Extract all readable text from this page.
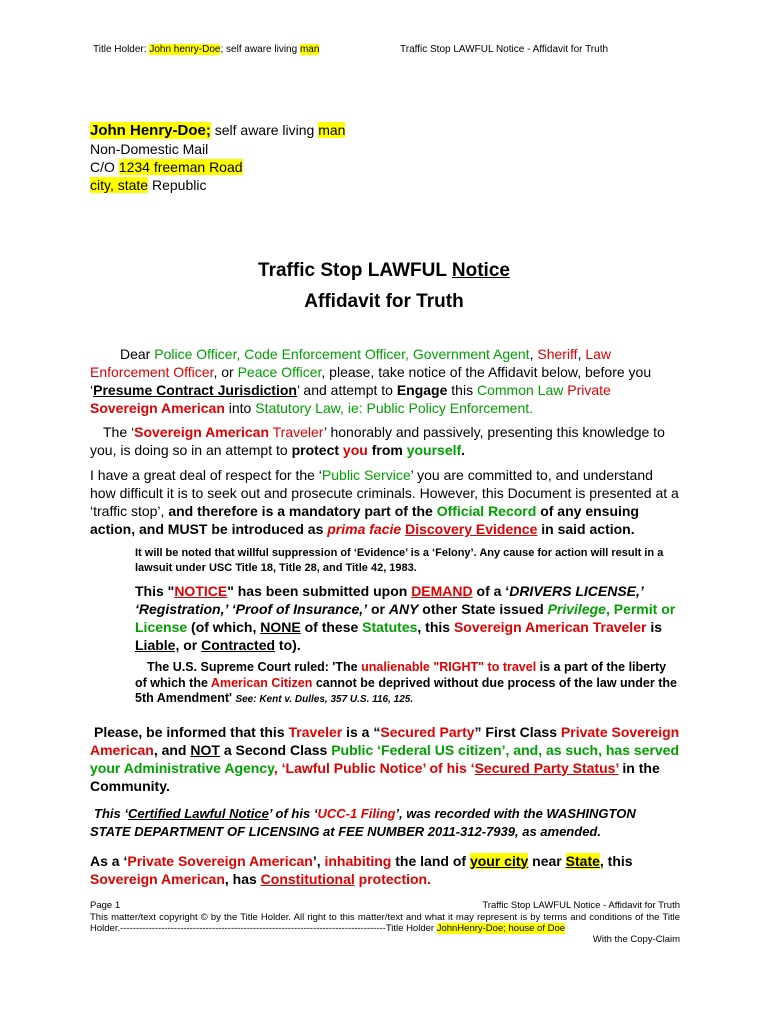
Title Holder: John henry-Doe; self aware living man	Traffic Stop LAWFUL Notice - Affidavit for Truth
John Henry-Doe; self aware living man
Non-Domestic Mail
C/O 1234 freeman Road
city, state Republic
Traffic Stop LAWFUL Notice
Affidavit for Truth

Dear Police Officer, Code Enforcement Officer, Government Agent, Sheriff, Law Enforcement Officer, or Peace Officer, please, take notice of the Affidavit below, before you ‘Presume Contract Jurisdiction’ and attempt to Engage this Common Law Private Sovereign American into Statutory Law, ie: Public Policy Enforcement.

The ‘Sovereign American Traveler’ honorably and passively, presenting this knowledge to you, is doing so in an attempt to protect you from yourself.

I have a great deal of respect for the ‘Public Service’ you are committed to, and understand how difficult it is to seek out and prosecute criminals. However, this Document is presented at a ‘traffic stop’, and therefore is a mandatory part of the Official Record of any ensuing action, and MUST be introduced as prima facie Discovery Evidence in said action.

It will be noted that willful suppression of ‘Evidence’ is a ‘Felony’. Any cause for action will result in a lawsuit under USC Title 18, Title 28, and Title 42, 1983.

This "NOTICE" has been submitted upon DEMAND of a ‘DRIVERS LICENSE,’ ‘Registration,’ ‘Proof of Insurance,’ or ANY other State issued Privilege, Permit or License (of which, NONE of these Statutes, this Sovereign American Traveler is Liable, or Contracted to).

The U.S. Supreme Court ruled: 'The unalienable "RIGHT" to travel is a part of the liberty of which the American Citizen cannot be deprived without due process of the law under the 5th Amendment' See: Kent v. Dulles, 357 U.S. 116, 125.

Please, be informed that this Traveler is a “Secured Party” First Class Private Sovereign American, and NOT a Second Class Public ‘Federal US citizen’, and, as such, has served your Administrative Agency, ‘Lawful Public Notice’ of his ‘Secured Party Status’ in the Community.

This ‘Certified Lawful Notice’ of his ‘UCC-1 Filing’, was recorded with the WASHINGTON STATE DEPARTMENT OF LICENSING at FEE NUMBER 2011-312-7939, as amended.

As a ‘Private Sovereign American’, inhabiting the land of your city near State, this Sovereign American, has Constitutional protection.

Page 1	Traffic Stop LAWFUL Notice - Affidavit for Truth
This matter/text copyright © by the Title Holder. All right to this matter/text and what it may represent is by terms and conditions of the Title Holder.------------------------------------------------------------------------------------Title Holder JohnHenry-Doe; house of Doe
With the Copy-Claim
